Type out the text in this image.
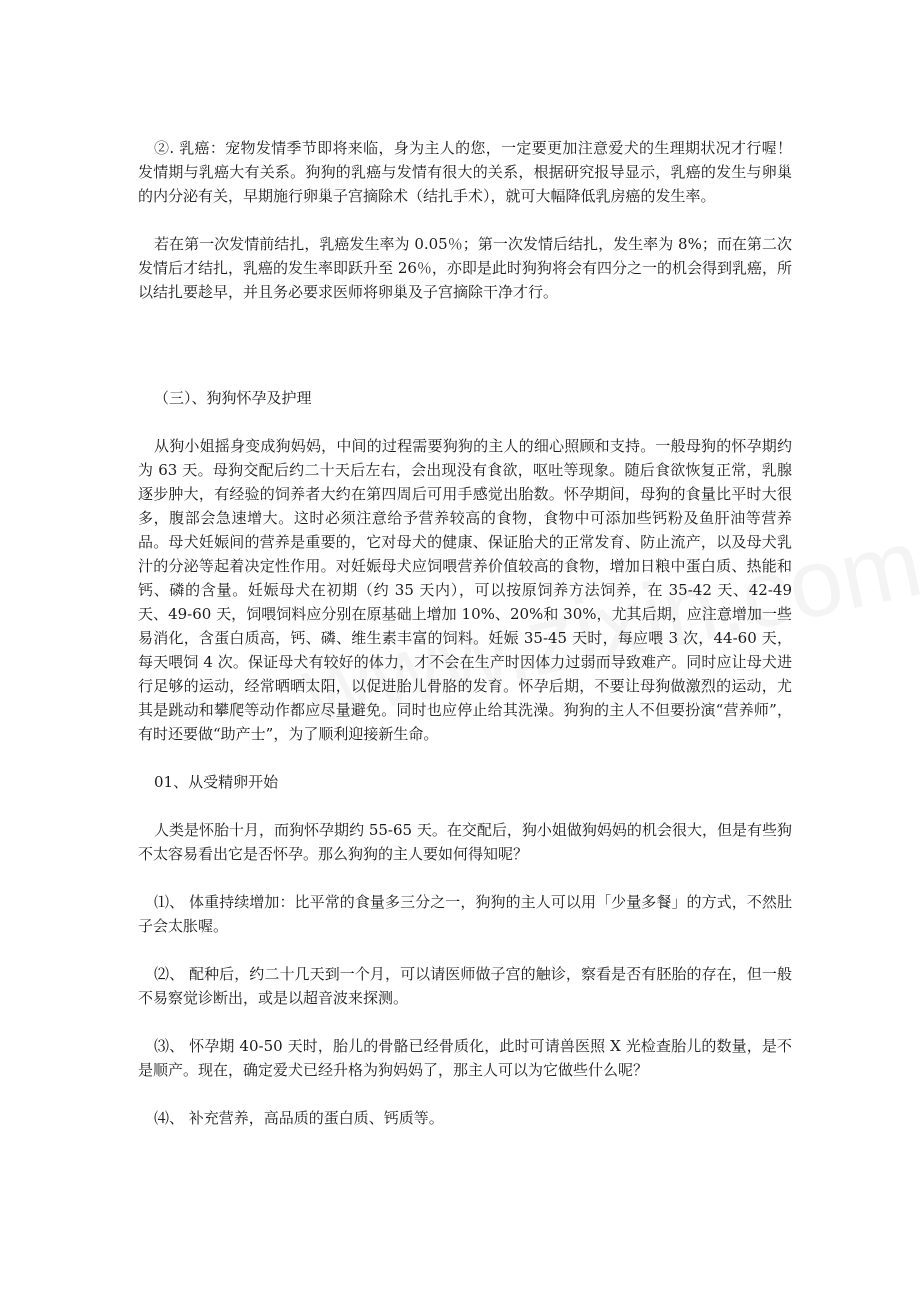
②. 乳癌：宠物发情季节即将来临，身为主人的您，一定要更加注意爱犬的生理期状况才行喔！发情期与乳癌大有关系。狗狗的乳癌与发情有很大的关系，根据研究报导显示，乳癌的发生与卵巢的内分泌有关，早期施行卵巢子宫摘除术（结扎手术），就可大幅降低乳房癌的发生率。

若在第一次发情前结扎，乳癌发生率为 0.05％；第一次发情后结扎，发生率为 8%；而在第二次发情后才结扎，乳癌的发生率即跃升至 26％，亦即是此时狗狗将会有四分之一的机会得到乳癌，所以结扎要趁早，并且务必要求医师将卵巢及子宫摘除干净才行。

（三）、狗狗怀孕及护理

从狗小姐摇身变成狗妈妈，中间的过程需要狗狗的主人的细心照顾和支持。一般母狗的怀孕期约为 63 天。母狗交配后约二十天后左右，会出现没有食欲，呕吐等现象。随后食欲恢复正常，乳腺逐步肿大，有经验的饲养者大约在第四周后可用手感觉出胎数。怀孕期间，母狗的食量比平时大很多，腹部会急速增大。这时必须注意给予营养较高的食物，食物中可添加些钙粉及鱼肝油等营养品。母犬妊娠间的营养是重要的，它对母犬的健康、保证胎犬的正常发育、防止流产，以及母犬乳汁的分泌等起着决定性作用。对妊娠母犬应饲喂营养价值较高的食物，增加日粮中蛋白质、热能和钙、磷的含量。妊娠母犬在初期（约 35 天内），可以按原饲养方法饲养，在 35-42 天、42-49 天、49-60 天，饲喂饲料应分别在原基础上增加 10%、20%和 30%，尤其后期，应注意增加一些易消化，含蛋白质高，钙、磷、维生素丰富的饲料。妊娠 35-45 天时，每应喂 3 次，44-60 天，每天喂饲 4 次。保证母犬有较好的体力，才不会在生产时因体力过弱而导致难产。同时应让母犬进行足够的运动，经常晒晒太阳，以促进胎儿骨胳的发育。怀孕后期，不要让母狗做激烈的运动，尤其是跳动和攀爬等动作都应尽量避免。同时也应停止给其洗澡。狗狗的主人不但要扮演“营养师”，有时还要做“助产士”，为了顺利迎接新生命。

01、从受精卵开始

人类是怀胎十月，而狗怀孕期约 55-65 天。在交配后，狗小姐做狗妈妈的机会很大，但是有些狗不太容易看出它是否怀孕。那么狗狗的主人要如何得知呢？

⑴、 体重持续增加：比平常的食量多三分之一，狗狗的主人可以用「少量多餐」的方式，不然肚子会太胀喔。

⑵、 配种后，约二十几天到一个月，可以请医师做子宫的触诊，察看是否有胚胎的存在，但一般不易察觉诊断出，或是以超音波来探测。

⑶、 怀孕期 40-50 天时，胎儿的骨骼已经骨质化，此时可请兽医照 X 光检查胎儿的数量，是不是顺产。现在，确定爱犬已经升格为狗妈妈了，那主人可以为它做些什么呢？

⑷、 补充营养，高品质的蛋白质、钙质等。
